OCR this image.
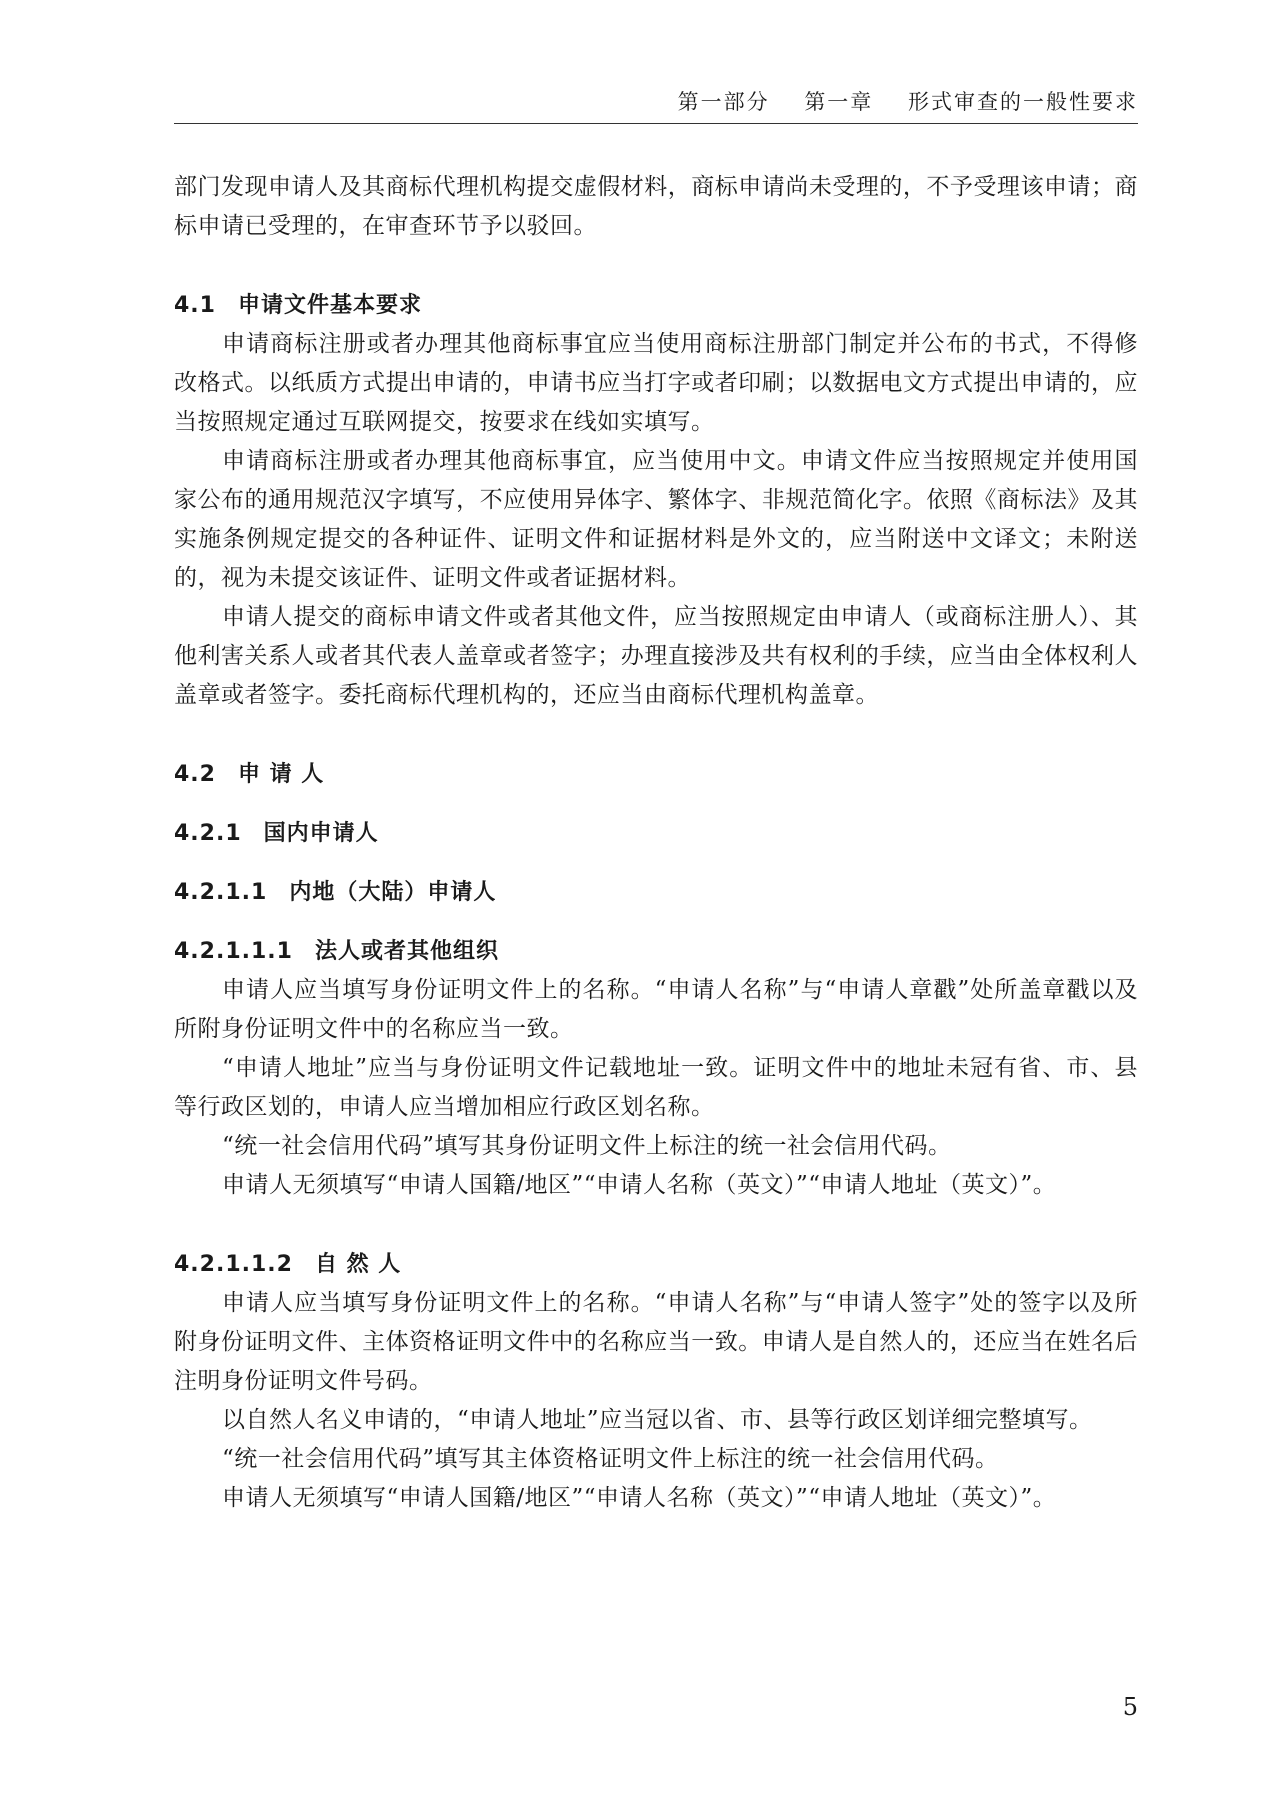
第一部分 第一章 形式审查的一般性要求

部门发现申请人及其商标代理机构提交虚假材料，商标申请尚未受理的，不予受理该申请；商标申请已受理的，在审查环节予以驳回。

4.1 申请文件基本要求

申请商标注册或者办理其他商标事宜应当使用商标注册部门制定并公布的书式，不得修改格式。以纸质方式提出申请的，申请书应当打字或者印刷；以数据电文方式提出申请的，应当按照规定通过互联网提交，按要求在线如实填写。

申请商标注册或者办理其他商标事宜，应当使用中文。申请文件应当按照规定并使用国家公布的通用规范汉字填写，不应使用异体字、繁体字、非规范简化字。依照《商标法》及其实施条例规定提交的各种证件、证明文件和证据材料是外文的，应当附送中文译文；未附送的，视为未提交该证件、证明文件或者证据材料。

申请人提交的商标申请文件或者其他文件，应当按照规定由申请人（或商标注册人）、其他利害关系人或者其代表人盖章或者签字；办理直接涉及共有权利的手续，应当由全体权利人盖章或者签字。委托商标代理机构的，还应当由商标代理机构盖章。

4.2 申 请 人
4.2.1 国内申请人
4.2.1.1 内地（大陆）申请人
4.2.1.1.1 法人或者其他组织

申请人应当填写身份证明文件上的名称。“申请人名称”与“申请人章戳”处所盖章戳以及所附身份证明文件中的名称应当一致。

“申请人地址”应当与身份证明文件记载地址一致。证明文件中的地址未冠有省、市、县等行政区划的，申请人应当增加相应行政区划名称。

“统一社会信用代码”填写其身份证明文件上标注的统一社会信用代码。

申请人无须填写“申请人国籍/地区”“申请人名称（英文）”“申请人地址（英文）”。

4.2.1.1.2 自 然 人

申请人应当填写身份证明文件上的名称。“申请人名称”与“申请人签字”处的签字以及所附身份证明文件、主体资格证明文件中的名称应当一致。申请人是自然人的，还应当在姓名后注明身份证明文件号码。

以自然人名义申请的，“申请人地址”应当冠以省、市、县等行政区划详细完整填写。

“统一社会信用代码”填写其主体资格证明文件上标注的统一社会信用代码。

申请人无须填写“申请人国籍/地区”“申请人名称（英文）”“申请人地址（英文）”。

5
